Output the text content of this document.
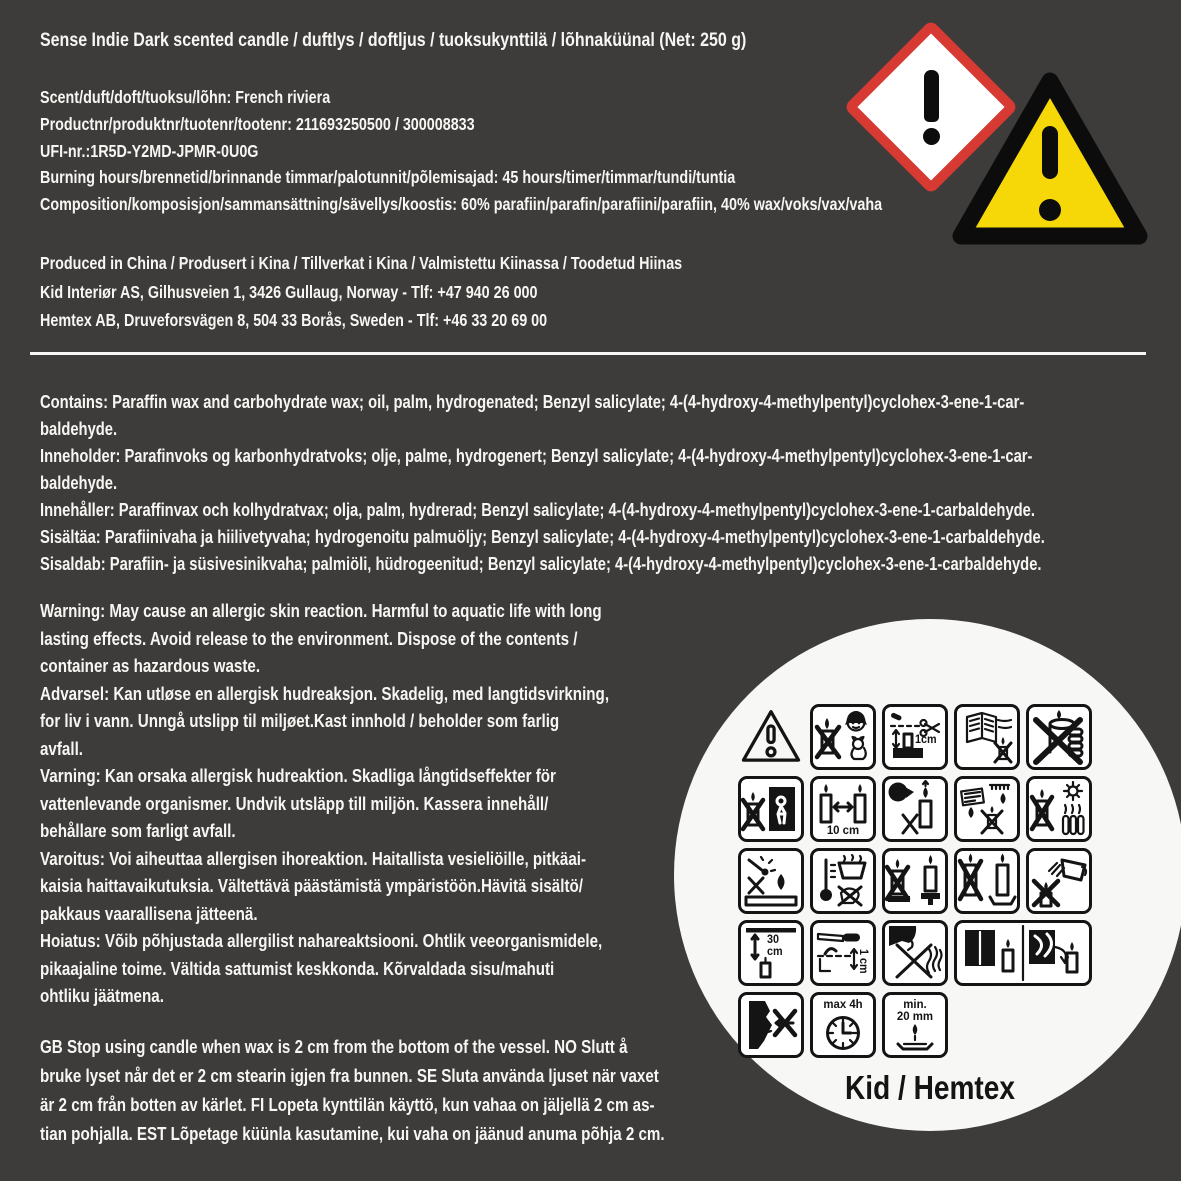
Sense Indie Dark scented candle / duftlys / doftljus / tuoksukynttilä / lõhnaküünal (Net: 250 g)
Scent/duft/doft/tuoksu/lõhn: French riviera
Productnr/produktnr/tuotenr/tootenr: 211693250500 / 300008833
UFI-nr.:1R5D-Y2MD-JPMR-0U0G
Burning hours/brennetid/brinnande timmar/palotunnit/põlemisajad: 45 hours/timer/timmar/tundi/tuntia
Composition/komposisjon/sammansättning/sävellys/koostis: 60% parafiin/parafin/parafiini/parafiin, 40% wax/voks/vax/vaha
Produced in China / Produsert i Kina / Tillverkat i Kina / Valmistettu Kiinassa / Toodetud Hiinas
Kid Interiør AS, Gilhusveien 1, 3426 Gullaug, Norway - Tlf: +47 940 26 000
Hemtex AB, Druveforsvägen 8, 504 33 Borås, Sweden - Tlf: +46 33 20 69 00
Contains: Paraffin wax and carbohydrate wax; oil, palm, hydrogenated; Benzyl salicylate; 4-(4-hydroxy-4-methylpentyl)cyclohex-3-ene-1-car-
baldehyde.
Inneholder: Parafinvoks og karbonhydratvoks; olje, palme, hydrogenert; Benzyl salicylate; 4-(4-hydroxy-4-methylpentyl)cyclohex-3-ene-1-car-
baldehyde.
Innehåller: Paraffinvax och kolhydratvax; olja, palm, hydrerad; Benzyl salicylate; 4-(4-hydroxy-4-methylpentyl)cyclohex-3-ene-1-carbaldehyde.
Sisältäa: Parafiinivaha ja hiilivetyvaha; hydrogenoitu palmuöljy; Benzyl salicylate; 4-(4-hydroxy-4-methylpentyl)cyclohex-3-ene-1-carbaldehyde.
Sisaldab: Parafiin- ja süsivesinikvaha; palmiöli, hüdrogeenitud; Benzyl salicylate; 4-(4-hydroxy-4-methylpentyl)cyclohex-3-ene-1-carbaldehyde.
Warning: May cause an allergic skin reaction. Harmful to aquatic life with long
lasting effects. Avoid release to the environment. Dispose of the contents /
container as hazardous waste.
Advarsel: Kan utløse en allergisk hudreaksjon. Skadelig, med langtidsvirkning,
for liv i vann. Unngå utslipp til miljøet.Kast innhold / beholder som farlig
avfall.
Varning: Kan orsaka allergisk hudreaktion. Skadliga långtidseffekter för
vattenlevande organismer. Undvik utsläpp till miljön. Kassera innehåll/
behållare som farligt avfall.
Varoitus: Voi aiheuttaa allergisen ihoreaktion. Haitallista vesieliöille, pitkäai-
kaisia haittavaikutuksia. Vältettävä päästämistä ympäristöön.Hävitä sisältö/
pakkaus vaarallisena jätteenä.
Hoiatus: Võib põhjustada allergilist nahareaktsiooni. Ohtlik veeorganismidele,
pikaajaline toime. Vältida sattumist keskkonda. Kõrvaldada sisu/mahuti
ohtliku jäätmena.
GB Stop using candle when wax is 2 cm from the bottom of the vessel. NO Slutt å
bruke lyset når det er 2 cm stearin igjen fra bunnen. SE Sluta använda ljuset när vaxet
är 2 cm från botten av kärlet. FI Lopeta kynttilän käyttö, kun vahaa on jäljellä 2 cm as-
tian pohjalla. EST Lõpetage küünla kasutamine, kui vaha on jäänud anuma põhja 2 cm.
1cm
10 cm
30
cm	1 cm
max 4h	min.
20 mm
Kid / Hemtex
